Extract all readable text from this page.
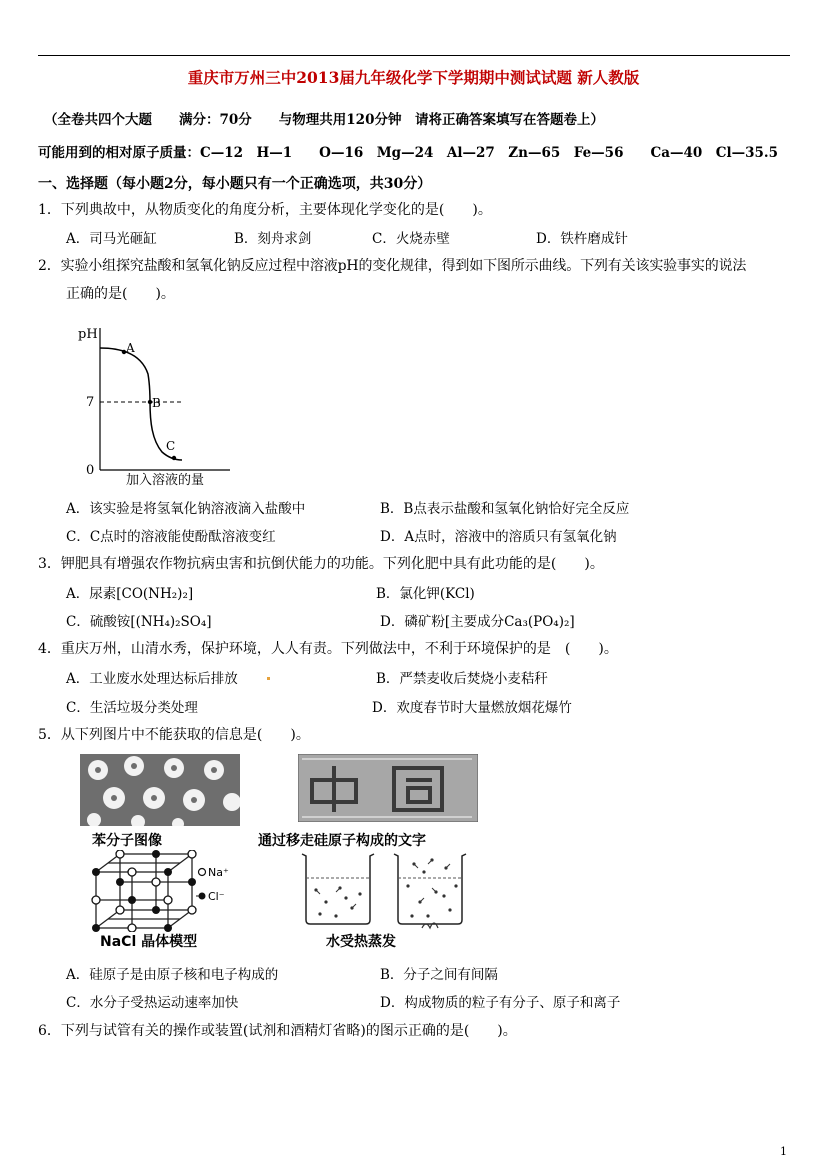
重庆市万州三中2013届九年级化学下学期期中测试试题 新人教版
（全卷共四个大题　　满分：70分　　与物理共用120分钟　请将正确答案填写在答题卷上）
可能用到的相对原子质量：C—12　H—1　　O—16　Mg—24　Al—27　Zn—65　Fe—56　　Ca—40　Cl—35.5
一、选择题（每小题2分，每小题只有一个正确选项，共30分）
1．下列典故中，从物质变化的角度分析，主要体现化学变化的是(　　)。
A．司马光砸缸	B．刻舟求剑	C．火烧赤壁	D．铁杵磨成针
2．实验小组探究盐酸和氢氧化钠反应过程中溶液pH的变化规律，得到如下图所示曲线。下列有关该实验事实的说法
正确的是(　　)。
pH
7
0
A
B
C
加入溶液的量
A．该实验是将氢氧化钠溶液滴入盐酸中	B．B点表示盐酸和氢氧化钠恰好完全反应
C．C点时的溶液能使酚酞溶液变红	D．A点时，溶液中的溶质只有氢氧化钠
3．钾肥具有增强农作物抗病虫害和抗倒伏能力的功能。下列化肥中具有此功能的是(　　)。
A．尿素[CO(NH₂)₂]	B．氯化钾(KCl)
C．硫酸铵[(NH₄)₂SO₄]	D．磷矿粉[主要成分Ca₃(PO₄)₂]
4．重庆万州，山清水秀，保护环境，人人有责。下列做法中，不利于环境保护的是　(　　)。
A．工业废水处理达标后排放	B．严禁麦收后焚烧小麦秸秆
C．生活垃圾分类处理	D．欢度春节时大量燃放烟花爆竹
5．从下列图片中不能获取的信息是(　　)。
苯分子图像	通过移走硅原子构成的文字
Na⁺
Cl⁻
NaCl 晶体模型	水受热蒸发
A．硅原子是由原子核和电子构成的	B．分子之间有间隔
C．水分子受热运动速率加快	D．构成物质的粒子有分子、原子和离子
6．下列与试管有关的操作或装置(试剂和酒精灯省略)的图示正确的是(　　)。
1
